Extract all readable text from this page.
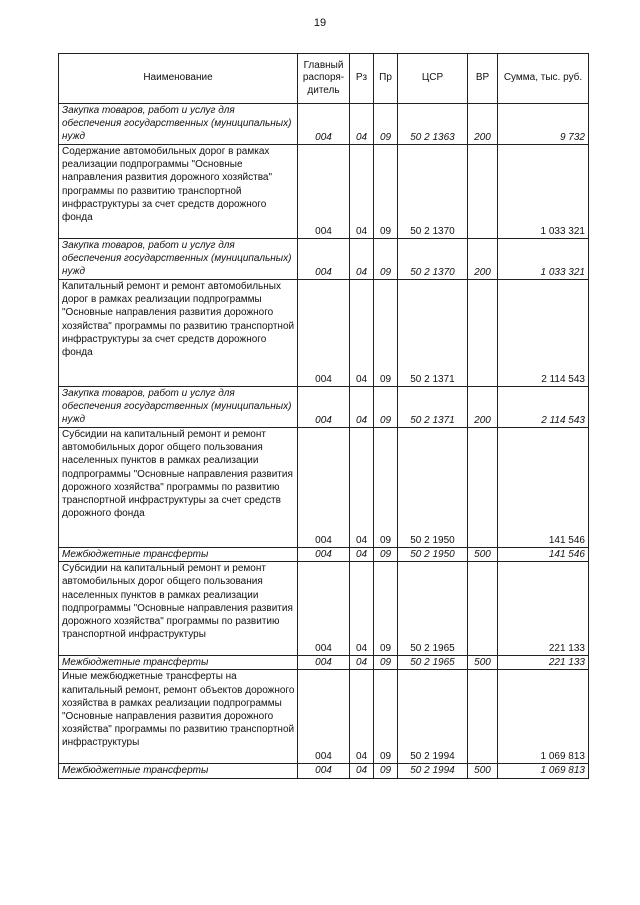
19
Наименование	Главный распоря-дитель	Рз	Пр	ЦСР	ВР	Сумма, тыс. руб.

Закупка товаров, работ и услуг для обеспечения государственных (муниципальных) нужд	004	04	09	50 2 1363	200	9 732

Содержание автомобильных дорог в рамках реализации подпрограммы "Основные направления развития дорожного хозяйства" программы по развитию транспортной инфраструктуры за счет средств дорожного фонда	004	04	09	50 2 1370		1 033 321

Закупка товаров, работ и услуг для обеспечения государственных (муниципальных) нужд	004	04	09	50 2 1370	200	1 033 321

Капитальный ремонт и ремонт автомобильных дорог в рамках реализации подпрограммы "Основные направления развития дорожного хозяйства" программы по развитию транспортной инфраструктуры за счет средств дорожного фонда	004	04	09	50 2 1371		2 114 543

Закупка товаров, работ и услуг для обеспечения государственных (муниципальных) нужд	004	04	09	50 2 1371	200	2 114 543

Субсидии на капитальный ремонт и ремонт автомобильных дорог общего пользования населенных пунктов в рамках реализации подпрограммы "Основные направления развития дорожного хозяйства" программы по развитию транспортной инфраструктуры за счет средств дорожного фонда	004	04	09	50 2 1950		141 546

Межбюджетные трансферты	004	04	09	50 2 1950	500	141 546

Субсидии на капитальный ремонт и ремонт автомобильных дорог общего пользования населенных пунктов в рамках реализации подпрограммы "Основные направления развития дорожного хозяйства" программы по развитию транспортной инфраструктуры	004	04	09	50 2 1965		221 133

Межбюджетные трансферты	004	04	09	50 2 1965	500	221 133

Иные межбюджетные трансферты на капитальный ремонт, ремонт объектов дорожного хозяйства в рамках реализации подпрограммы "Основные направления развития дорожного хозяйства" программы по развитию транспортной инфраструктуры	004	04	09	50 2 1994		1 069 813

Межбюджетные трансферты	004	04	09	50 2 1994	500	1 069 813
